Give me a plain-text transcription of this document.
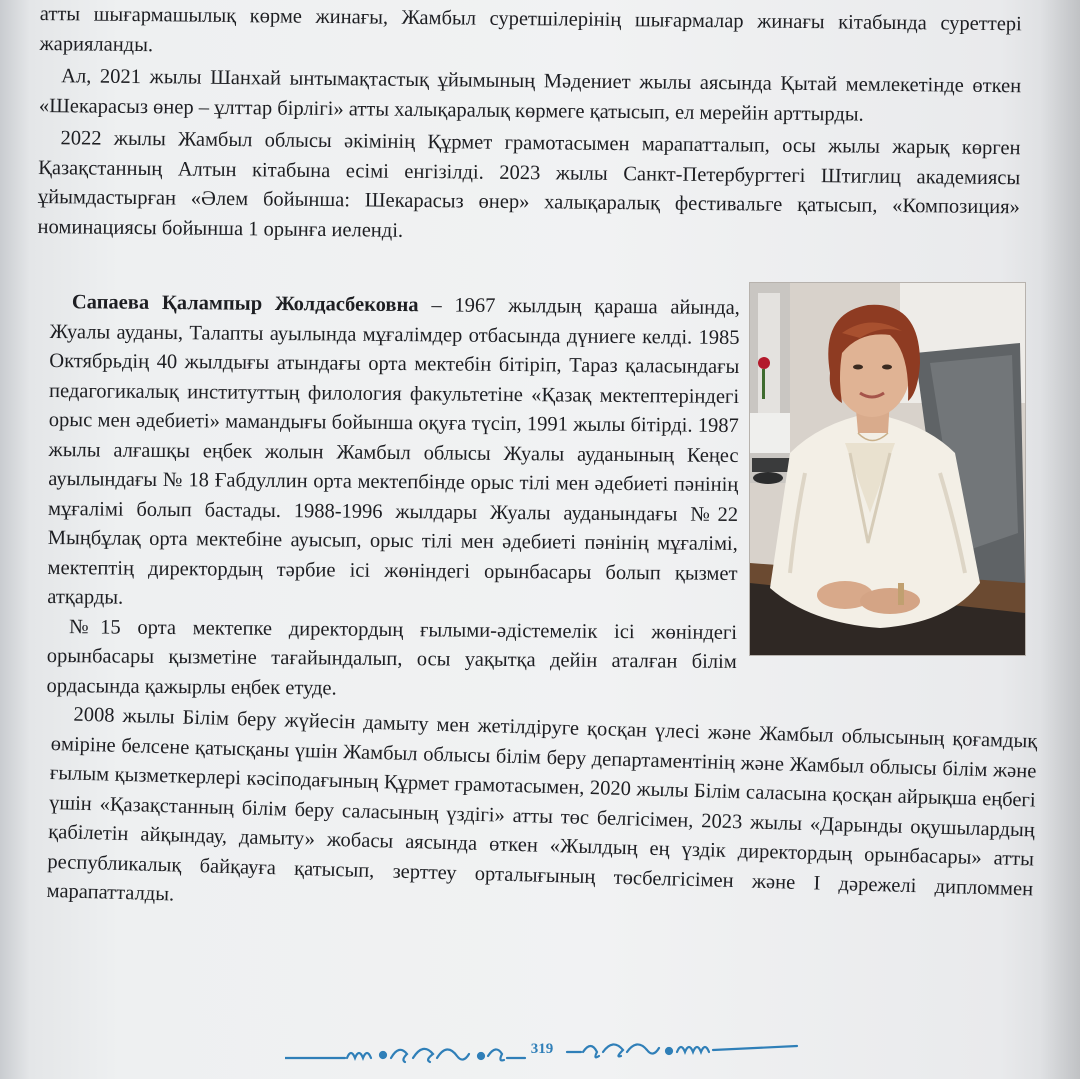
атты шығармашылық көрме жинағы, Жамбыл суретшілерінің шығармалар жинағы кітабында суреттері жарияланды.

Ал, 2021 жылы Шанхай ынтымақтастық ұйымының Мәдениет жылы аясында Қытай мемлекетінде өткен «Шекарасыз өнер – ұлттар бірлігі» атты халықаралық көрмеге қатысып, ел мерейін арттырды.

2022 жылы Жамбыл облысы әкімінің Құрмет грамотасымен марапатталып, осы жылы жарық көрген Қазақстанның Алтын кітабына есімі енгізілді. 2023 жылы Санкт-Петербургтегі Штиглиц академиясы ұйымдастырған «Әлем бойынша: Шекарасыз өнер» халықаралық фестивальге қатысып, «Композиция» номинациясы бойынша 1 орынға иеленді.

Сапаева Қалампыр Жолдасбековна – 1967 жылдың қараша айында, Жуалы ауданы, Талапты ауылында мұғалімдер отбасында дүниеге келді. 1985 Октябрьдің 40 жылдығы атындағы орта мектебін бітіріп, Тараз қаласындағы педагогикалық институттың филология факультетіне «Қазақ мектептеріндегі орыс мен әдебиеті» мамандығы бойынша оқуға түсіп, 1991 жылы бітірді. 1987 жылы алғашқы еңбек жолын Жамбыл облысы Жуалы ауданының Кеңес ауылындағы № 18 Ғабдуллин орта мектепбінде орыс тілі мен әдебиеті пәнінің мұғалімі болып бастады. 1988-1996 жылдары Жуалы ауданындағы №22 Мыңбұлақ орта мектебіне ауысып, орыс тілі мен әдебиеті пәнінің мұғалімі, мектептің директордың тәрбие ісі жөніндегі орынбасары болып қызмет атқарды.

№15 орта мектепке директордың ғылыми-әдістемелік ісі жөніндегі орынбасары қызметіне тағайындалып, осы уақытқа дейін аталған білім ордасында қажырлы еңбек етуде.

2008 жылы Білім беру жүйесін дамыту мен жетілдіруге қосқан үлесі және Жамбыл облысының қоғамдық өміріне белсене қатысқаны үшін Жамбыл облысы білім беру департаментінің және Жамбыл облысы білім және ғылым қызметкерлері кәсіподағының Құрмет грамотасымен, 2020 жылы Білім саласына қосқан айрықша еңбегі үшін «Қазақстанның білім беру саласының үздігі» атты төс белгісімен, 2023 жылы «Дарынды оқушылардың қабілетін айқындау, дамыту» жобасы аясында өткен «Жылдың ең үздік директордың орынбасары» атты республикалық байқауға қатысып, зерттеу орталығының төсбелгісімен және I дәрежелі дипломмен марапатталды.

319
